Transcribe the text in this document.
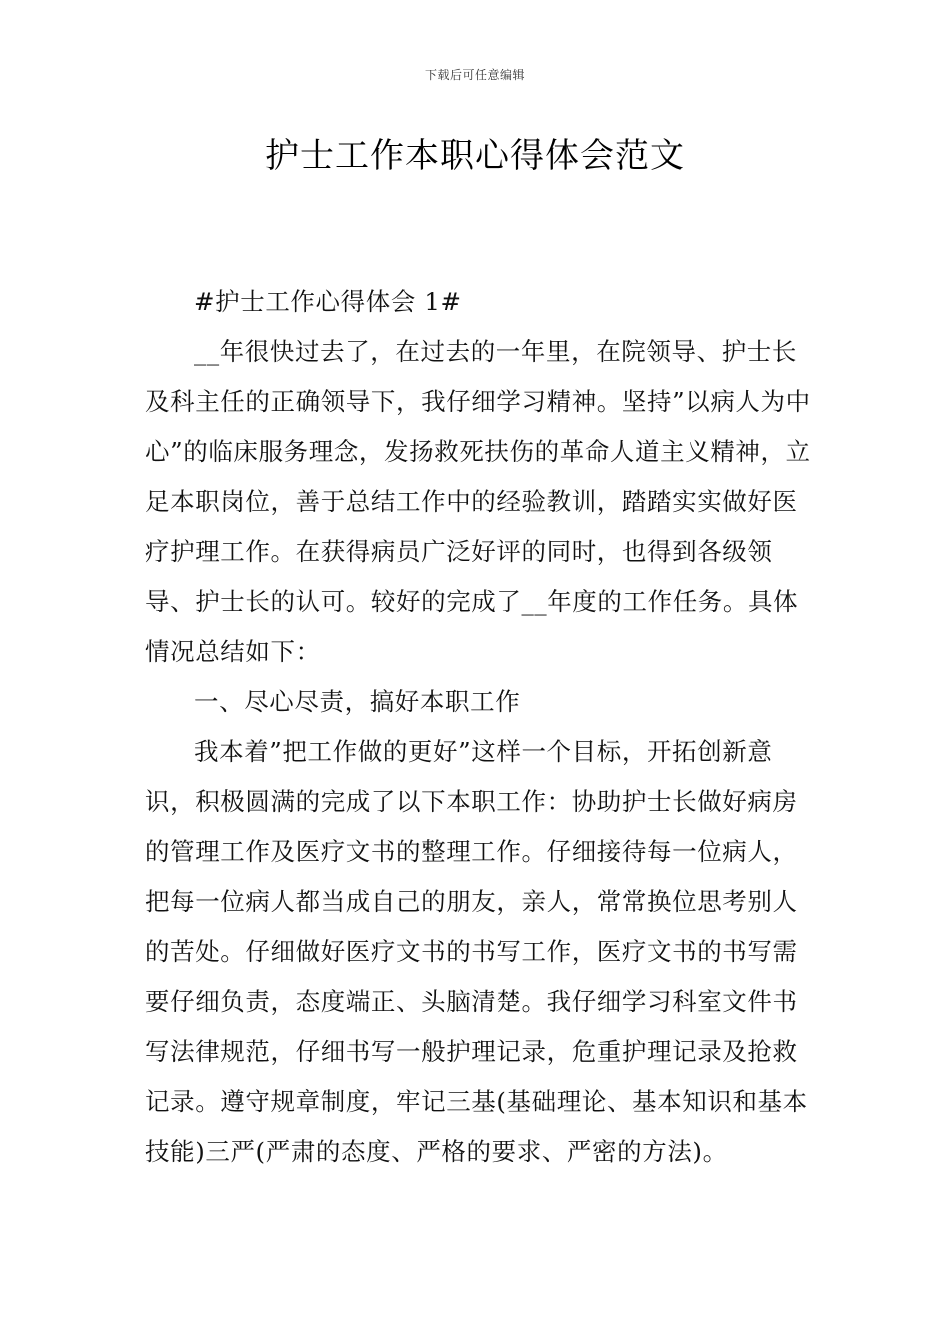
下载后可任意编辑
护士工作本职心得体会范文

#护士工作心得体会 1#

__年很快过去了，在过去的一年里，在院领导、护士长及科主任的正确领导下，我仔细学习精神。坚持”以病人为中心”的临床服务理念，发扬救死扶伤的革命人道主义精神，立足本职岗位，善于总结工作中的经验教训，踏踏实实做好医疗护理工作。在获得病员广泛好评的同时，也得到各级领导、护士长的认可。较好的完成了__年度的工作任务。具体情况总结如下：

一、尽心尽责，搞好本职工作

我本着”把工作做的更好”这样一个目标，开拓创新意识，积极圆满的完成了以下本职工作：协助护士长做好病房的管理工作及医疗文书的整理工作。仔细接待每一位病人，把每一位病人都当成自己的朋友，亲人，常常换位思考别人的苦处。仔细做好医疗文书的书写工作，医疗文书的书写需要仔细负责，态度端正、头脑清楚。我仔细学习科室文件书写法律规范，仔细书写一般护理记录，危重护理记录及抢救记录。遵守规章制度，牢记三基(基础理论、基本知识和基本技能)三严(严肃的态度、严格的要求、严密的方法)。
